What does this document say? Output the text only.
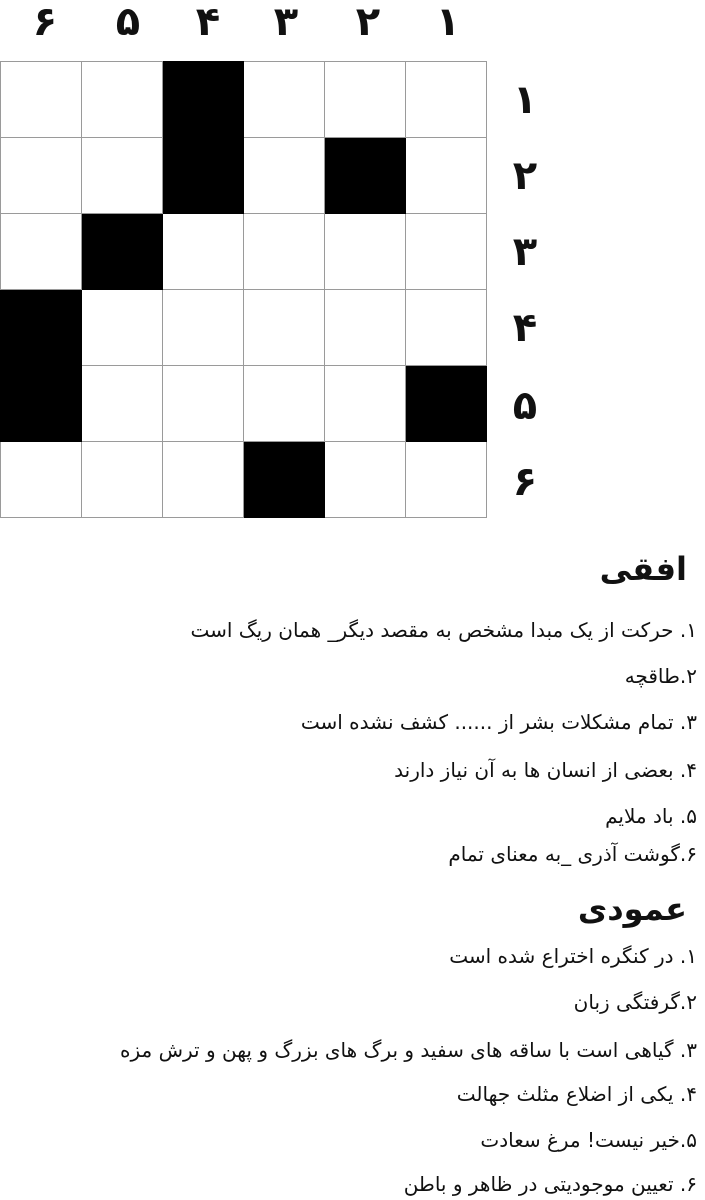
۶	۵	۴	۳	۲	۱

۱
۲
۳
۴
۵
۶
افقی
۱. حرکت از یک مبدا مشخص به مقصد دیگر_ همان ریگ است
۲.طاقچه
۳. تمام مشکلات بشر از ...... کشف نشده است
۴. بعضی از انسان ها به آن نیاز دارند
۵. باد ملایم
۶.گوشت آذری _به معنای تمام
عمودی
۱. در کنگره اختراع شده است
۲.گرفتگی زبان
۳. گیاهی است با ساقه های سفید و برگ های بزرگ و پهن و ترش مزه
۴. یکی از اضلاع مثلث جهالت
۵.خیر نیست! مرغ سعادت
۶. تعیین موجودیتی در ظاهر و باطن
